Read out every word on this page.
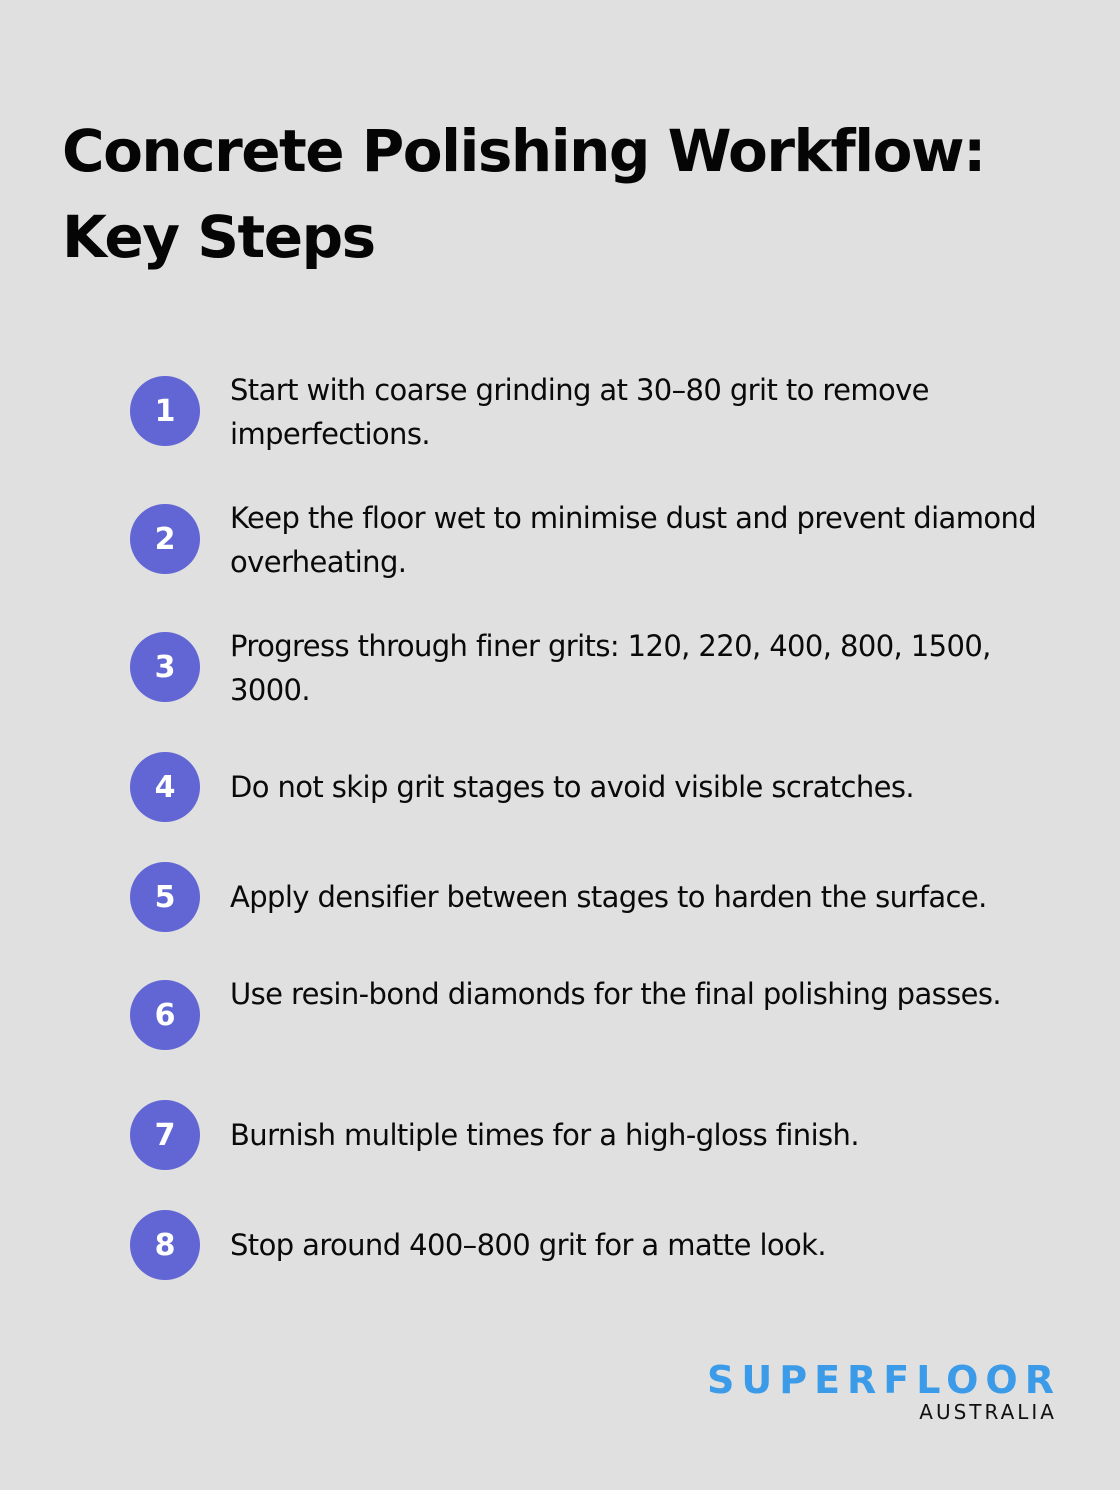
Concrete Polishing Workflow:
Key Steps
1
Start with coarse grinding at 30–80 grit to remove imperfections.
2
Keep the floor wet to minimise dust and prevent diamond overheating.
3
Progress through finer grits: 120, 220, 400, 800, 1500, 3000.
4	Do not skip grit stages to avoid visible scratches.
5	Apply densifier between stages to harden the surface.
6
Use resin-bond diamonds for the final polishing passes.
7	Burnish multiple times for a high-gloss finish.
8	Stop around 400–800 grit for a matte look.
SUPERFLOOR
AUSTRALIA
